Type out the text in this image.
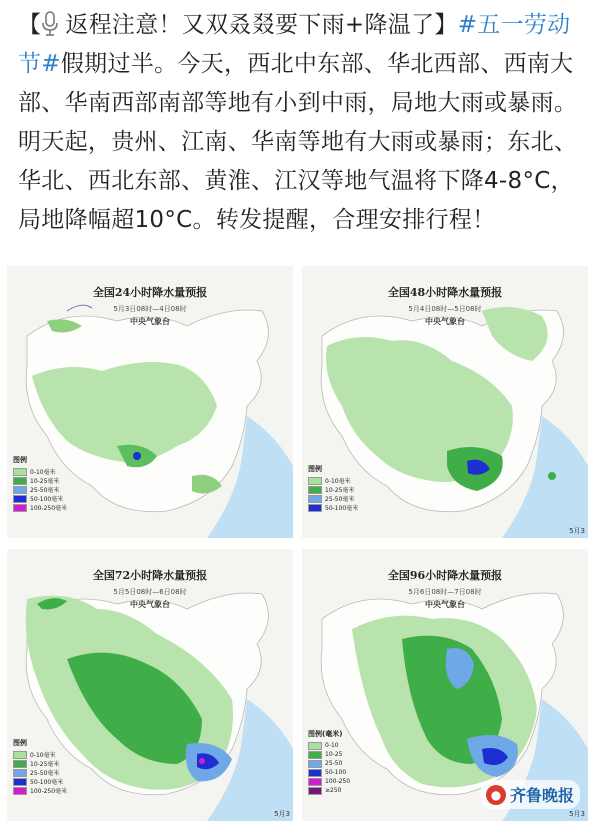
【 返程注意！又双叒叕要下雨+降温了】#五一劳动节#假期过半。今天，西北中东部、华北西部、西南大部、华南西部南部等地有小到中雨，局地大雨或暴雨。明天起，贵州、江南、华南等地有大雨或暴雨；东北、华北、西北东部、黄淮、江汉等地气温将下降4-8°C，局地降幅超10°C。转发提醒，合理安排行程！
全国24小时降水量预报
5月3日08时—4日08时
中央气象台
图例
0-10毫米
10-25毫米
25-50毫米
50-100毫米
100-250毫米
全国48小时降水量预报
5月4日08时—5日08时
中央气象台
图例
0-10毫米
10-25毫米
25-50毫米
50-100毫米
5月3
全国72小时降水量预报
5月5日08时—6日08时
中央气象台
图例
0-10毫米
10-25毫米
25-50毫米
50-100毫米
100-250毫米
5月3
全国96小时降水量预报
5月6日08时—7日08时
中央气象台
图例(毫米)
0-10
10-25
25-50
50-100
100-250
≥250
5月3
● 齐鲁晚报
